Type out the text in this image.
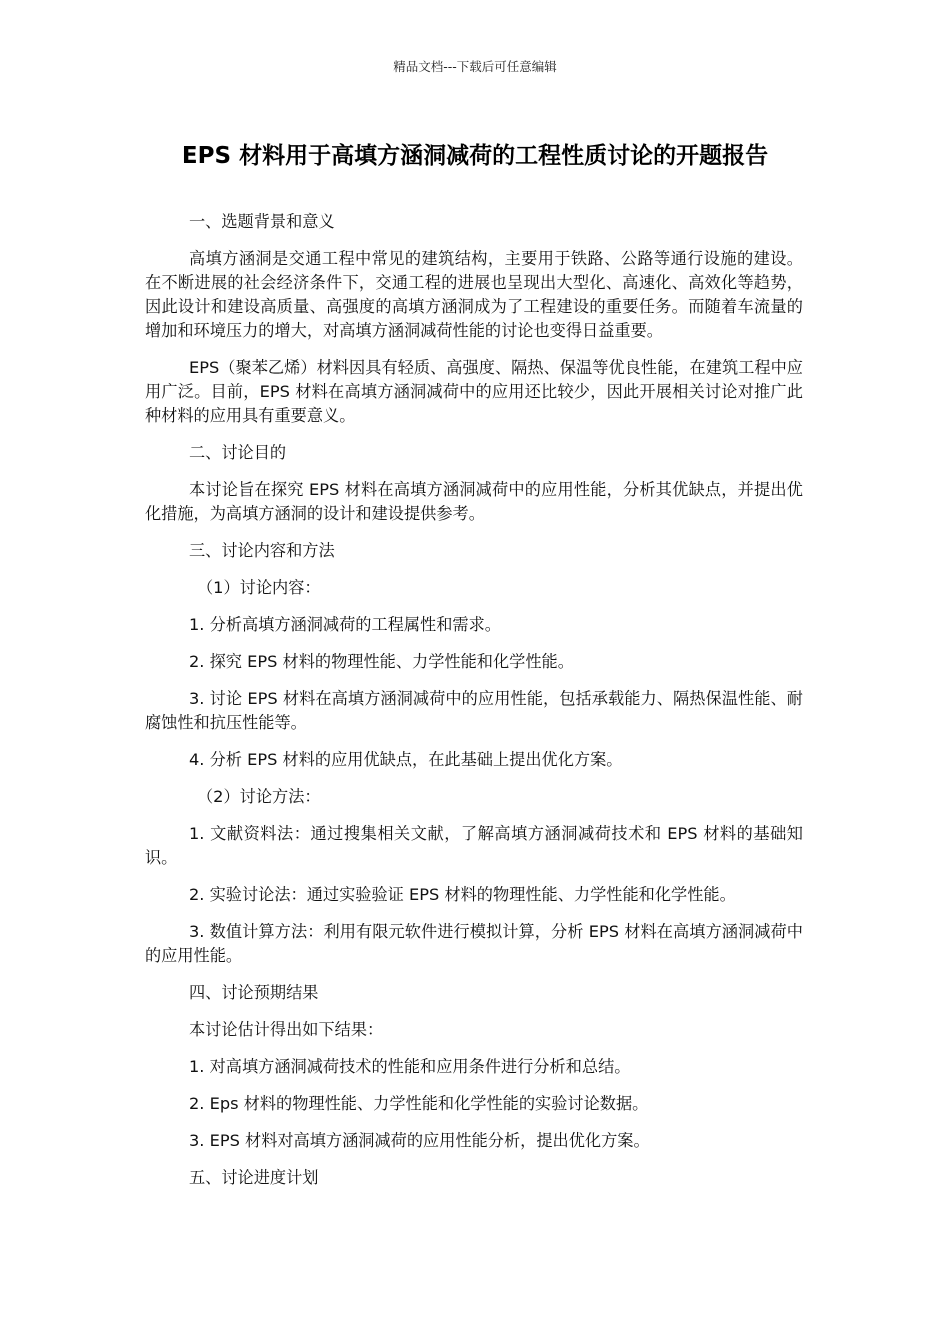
精品文档---下载后可任意编辑
EPS 材料用于高填方涵洞减荷的工程性质讨论的开题报告

一、选题背景和意义

高填方涵洞是交通工程中常见的建筑结构，主要用于铁路、公路等通行设施的建设。在不断进展的社会经济条件下，交通工程的进展也呈现出大型化、高速化、高效化等趋势，因此设计和建设高质量、高强度的高填方涵洞成为了工程建设的重要任务。而随着车流量的增加和环境压力的增大，对高填方涵洞减荷性能的讨论也变得日益重要。

EPS（聚苯乙烯）材料因具有轻质、高强度、隔热、保温等优良性能，在建筑工程中应用广泛。目前，EPS 材料在高填方涵洞减荷中的应用还比较少，因此开展相关讨论对推广此种材料的应用具有重要意义。

二、讨论目的

本讨论旨在探究 EPS 材料在高填方涵洞减荷中的应用性能，分析其优缺点，并提出优化措施，为高填方涵洞的设计和建设提供参考。

三、讨论内容和方法

（1）讨论内容：

1. 分析高填方涵洞减荷的工程属性和需求。

2. 探究 EPS 材料的物理性能、力学性能和化学性能。

3. 讨论 EPS 材料在高填方涵洞减荷中的应用性能，包括承载能力、隔热保温性能、耐腐蚀性和抗压性能等。

4. 分析 EPS 材料的应用优缺点，在此基础上提出优化方案。

（2）讨论方法：

1. 文献资料法：通过搜集相关文献，了解高填方涵洞减荷技术和 EPS 材料的基础知识。

2. 实验讨论法：通过实验验证 EPS 材料的物理性能、力学性能和化学性能。

3. 数值计算方法：利用有限元软件进行模拟计算，分析 EPS 材料在高填方涵洞减荷中的应用性能。

四、讨论预期结果

本讨论估计得出如下结果：

1. 对高填方涵洞减荷技术的性能和应用条件进行分析和总结。

2. Eps 材料的物理性能、力学性能和化学性能的实验讨论数据。

3. EPS 材料对高填方涵洞减荷的应用性能分析，提出优化方案。

五、讨论进度计划
